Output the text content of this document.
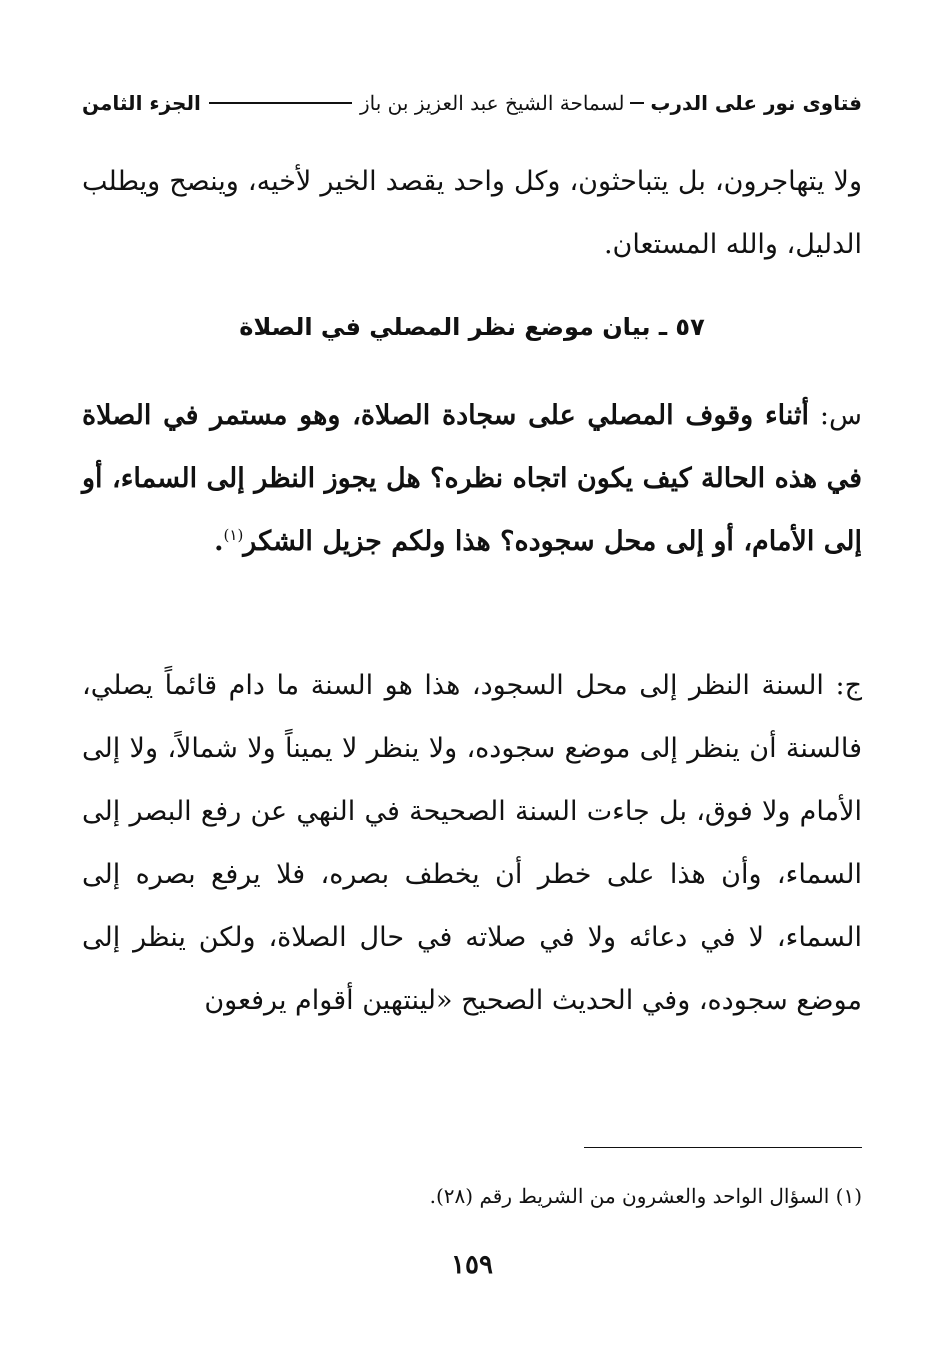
فتاوى نور على الدرب
لسماحة الشيخ عبد العزيز بن باز
الجزء الثامن

ولا يتهاجرون، بل يتباحثون، وكل واحد يقصد الخير لأخيه، وينصح ويطلب الدليل، والله المستعان.

٥٧ ـ بيان موضع نظر المصلي في الصلاة

س: أثناء وقوف المصلي على سجادة الصلاة، وهو مستمر في الصلاة في هذه الحالة كيف يكون اتجاه نظره؟ هل يجوز النظر إلى السماء، أو إلى الأمام، أو إلى محل سجوده؟ هذا ولكم جزيل الشكر$^{(١)}$.

ج: السنة النظر إلى محل السجود، هذا هو السنة ما دام قائماً يصلي، فالسنة أن ينظر إلى موضع سجوده، ولا ينظر لا يميناً ولا شمالاً، ولا إلى الأمام ولا فوق، بل جاءت السنة الصحيحة في النهي عن رفع البصر إلى السماء، وأن هذا على خطر أن يخطف بصره، فلا يرفع بصره إلى السماء، لا في دعائه ولا في صلاته في حال الصلاة، ولكن ينظر إلى موضع سجوده، وفي الحديث الصحيح «لينتهين أقوام يرفعون

(١) السؤال الواحد والعشرون من الشريط رقم (٢٨).

١٥٩
